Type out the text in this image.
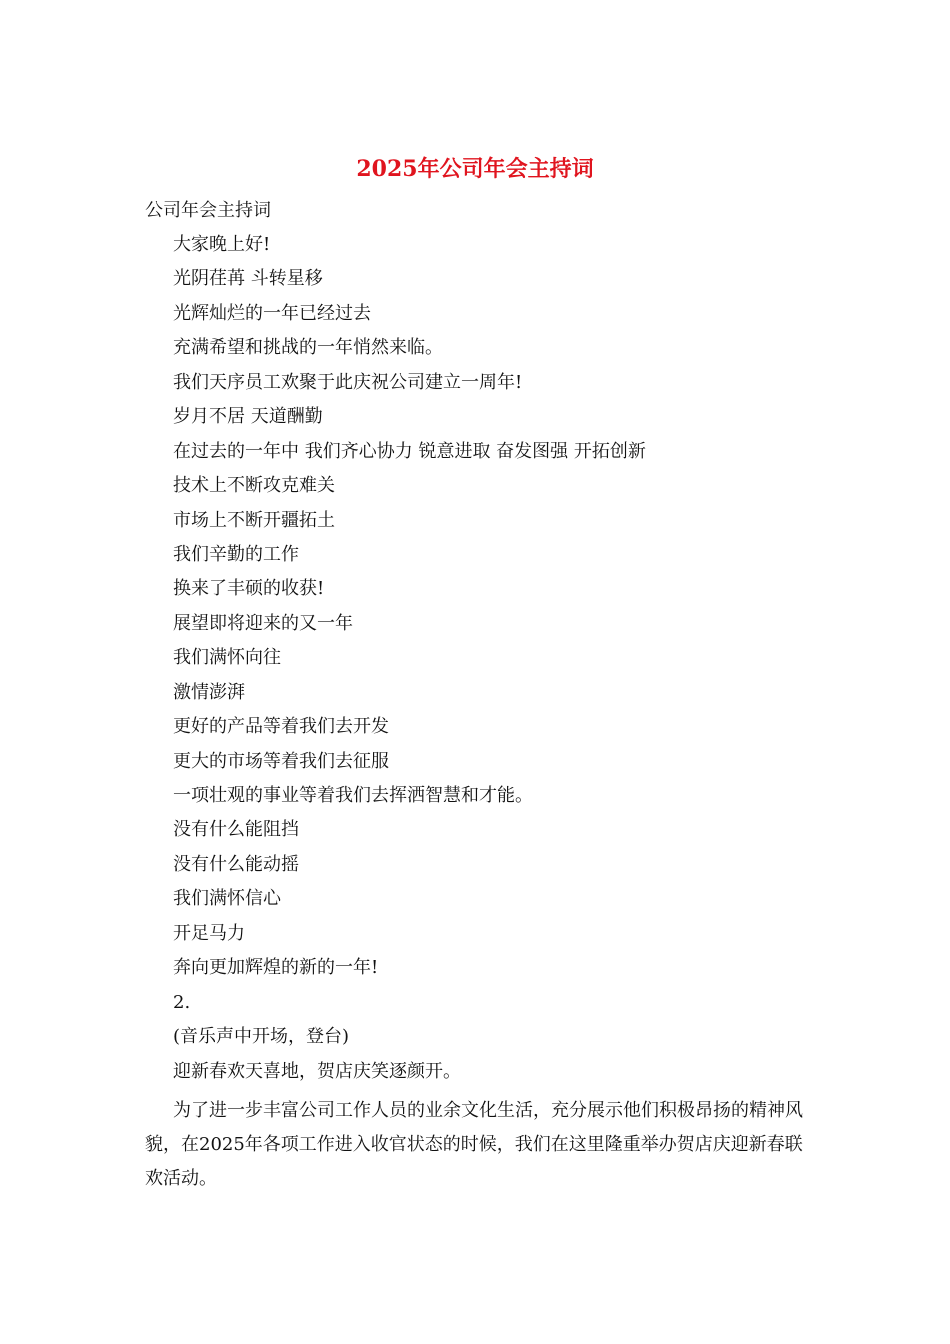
2025年公司年会主持词

公司年会主持词

大家晚上好!
光阴荏苒 斗转星移
光辉灿烂的一年已经过去
充满希望和挑战的一年悄然来临。
我们天序员工欢聚于此庆祝公司建立一周年!
岁月不居 天道酬勤
在过去的一年中 我们齐心协力 锐意进取 奋发图强 开拓创新
技术上不断攻克难关
市场上不断开疆拓土
我们辛勤的工作
换来了丰硕的收获!
展望即将迎来的又一年
我们满怀向往
激情澎湃
更好的产品等着我们去开发
更大的市场等着我们去征服
一项壮观的事业等着我们去挥洒智慧和才能。
没有什么能阻挡
没有什么能动摇
我们满怀信心
开足马力
奔向更加辉煌的新的一年!
2.
(音乐声中开场，登台)
迎新春欢天喜地，贺店庆笑逐颜开。

为了进一步丰富公司工作人员的业余文化生活，充分展示他们积极昂扬的精神风貌，在2025年各项工作进入收官状态的时候，我们在这里隆重举办贺店庆迎新春联欢活动。
